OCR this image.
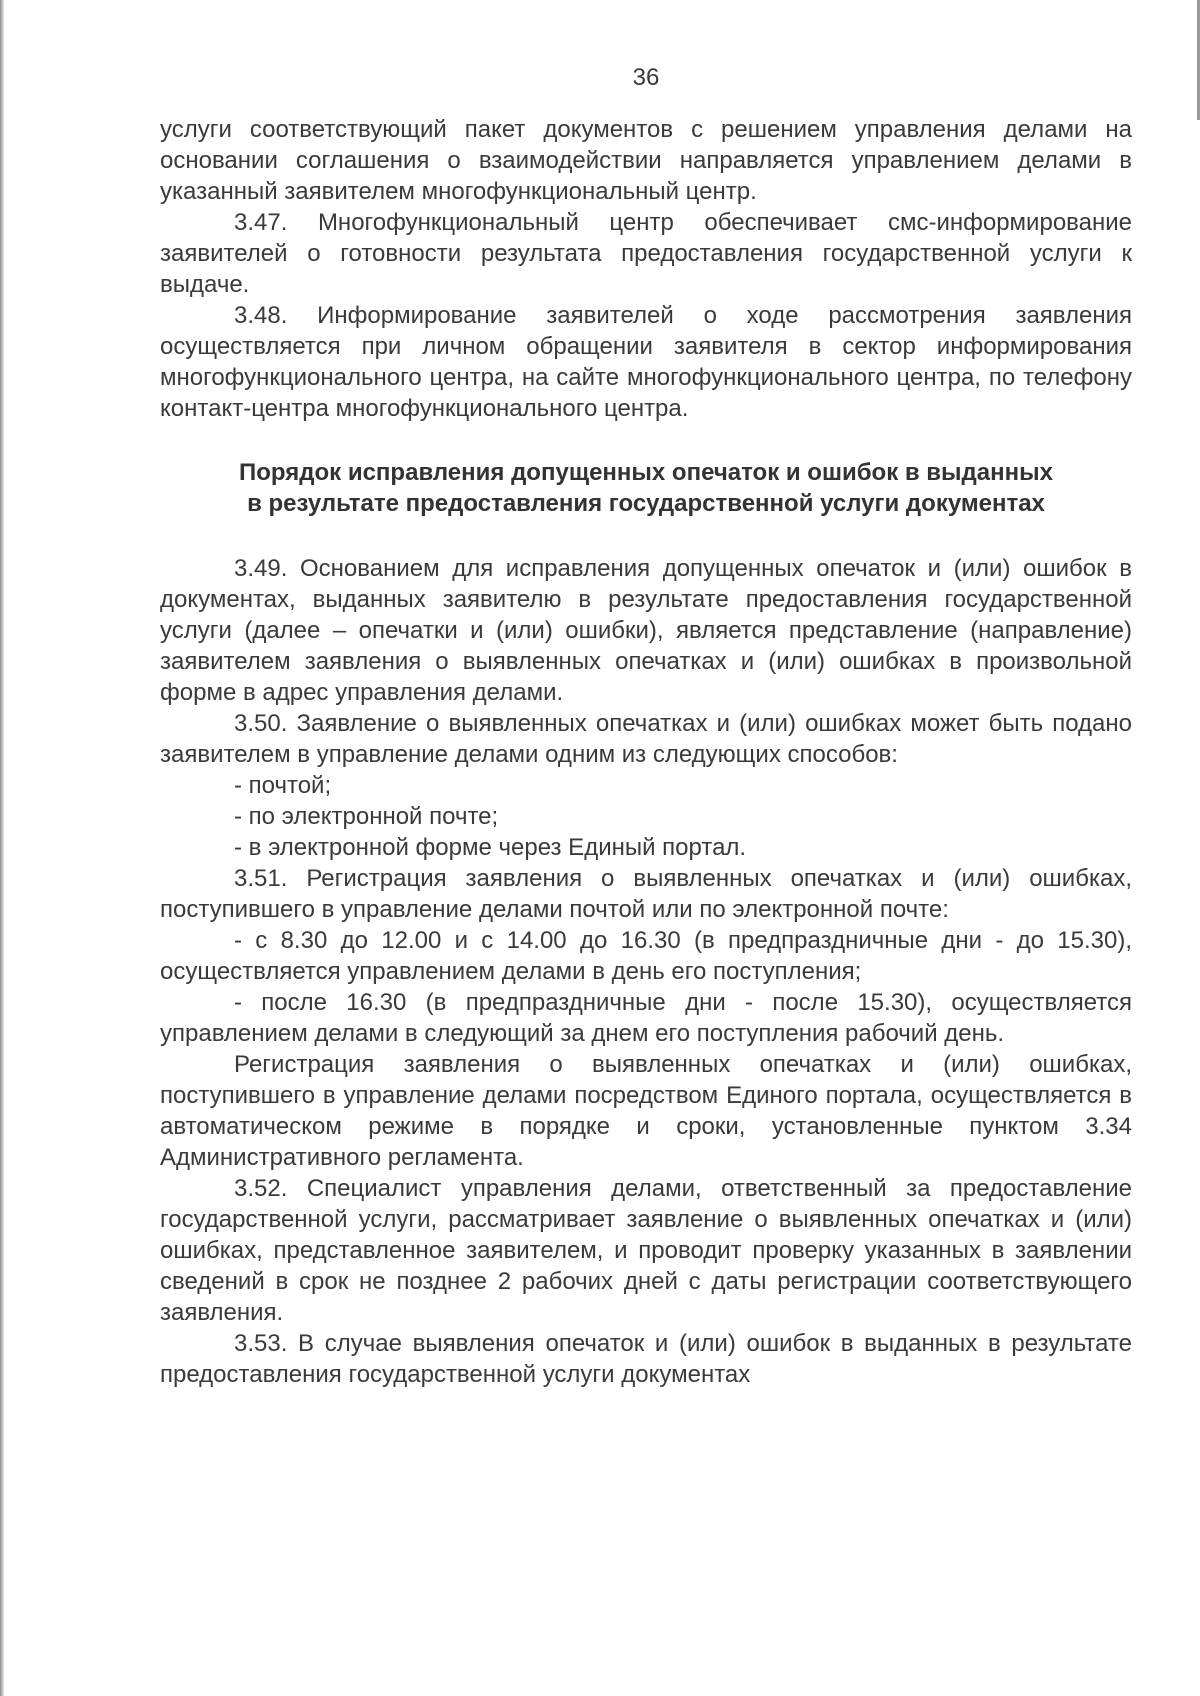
36

услуги соответствующий пакет документов с решением управления делами на основании соглашения о взаимодействии направляется управлением делами в указанный заявителем многофункциональный центр.

3.47. Многофункциональный центр обеспечивает смс-информирование заявителей о готовности результата предоставления государственной услуги к выдаче.

3.48. Информирование заявителей о ходе рассмотрения заявления осуществляется при личном обращении заявителя в сектор информирования многофункционального центра, на сайте многофункционального центра, по телефону контакт-центра многофункционального центра.

Порядок исправления допущенных опечаток и ошибок в выданных
в результате предоставления государственной услуги документах

3.49. Основанием для исправления допущенных опечаток и (или) ошибок в документах, выданных заявителю в результате предоставления государственной услуги (далее – опечатки и (или) ошибки), является представление (направление) заявителем заявления о выявленных опечатках и (или) ошибках в произвольной форме в адрес управления делами.

3.50. Заявление о выявленных опечатках и (или) ошибках может быть подано заявителем в управление делами одним из следующих способов:

- почтой;

- по электронной почте;

- в электронной форме через Единый портал.

3.51. Регистрация заявления о выявленных опечатках и (или) ошибках, поступившего в управление делами почтой или по электронной почте:

- с 8.30 до 12.00 и с 14.00 до 16.30 (в предпраздничные дни - до 15.30), осуществляется управлением делами в день его поступления;

- после 16.30 (в предпраздничные дни - после 15.30), осуществляется управлением делами в следующий за днем его поступления рабочий день.

Регистрация заявления о выявленных опечатках и (или) ошибках, поступившего в управление делами посредством Единого портала, осуществляется в автоматическом режиме в порядке и сроки, установленные пунктом 3.34 Административного регламента.

3.52. Специалист управления делами, ответственный за предоставление государственной услуги, рассматривает заявление о выявленных опечатках и (или) ошибках, представленное заявителем, и проводит проверку указанных в заявлении сведений в срок не позднее 2 рабочих дней с даты регистрации соответствующего заявления.

3.53. В случае выявления опечаток и (или) ошибок в выданных в результате предоставления государственной услуги документах
